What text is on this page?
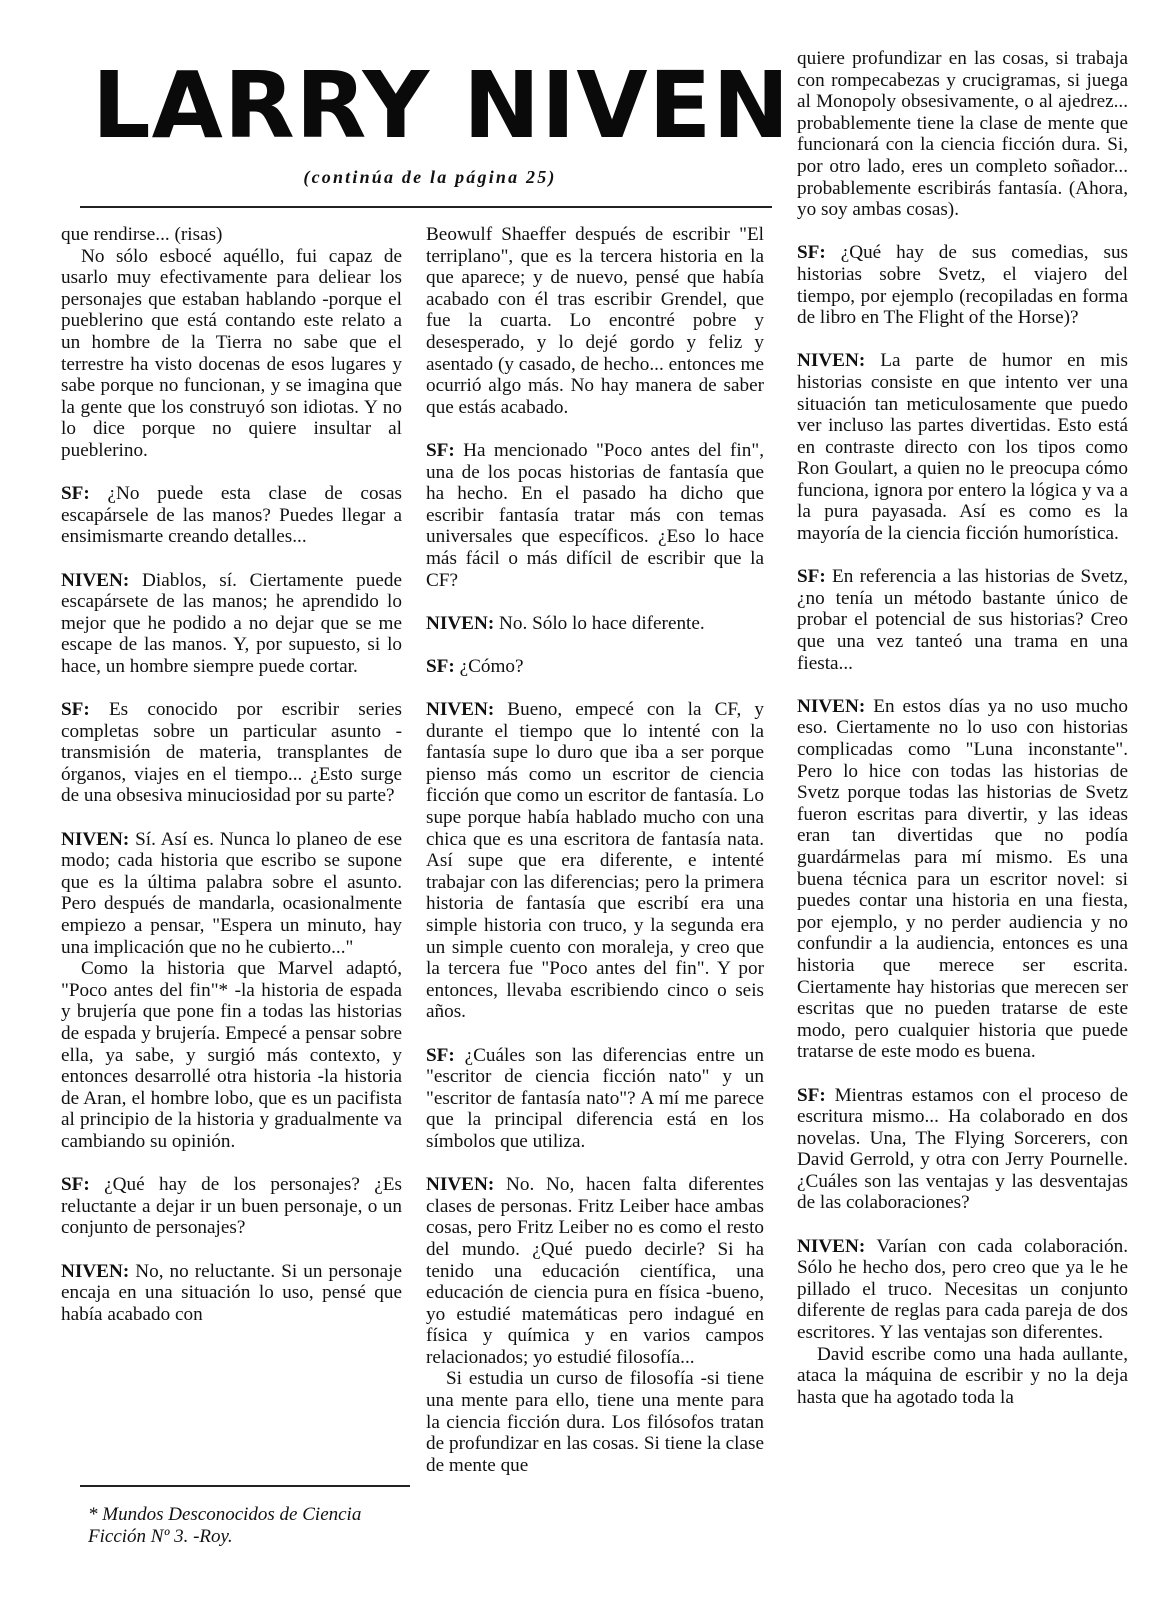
LARRY NIVEN
(continúa de la página 25)

que rendirse... (risas)

No sólo esbocé aquéllo, fui capaz de usarlo muy efectivamente para deliear los personajes que estaban hablando -porque el pueblerino que está contando este relato a un hombre de la Tierra no sabe que el terrestre ha visto docenas de esos lugares y sabe porque no funcionan, y se imagina que la gente que los construyó son idiotas. Y no lo dice porque no quiere insultar al pueblerino.

SF: ¿No puede esta clase de cosas escapársele de las manos? Puedes llegar a ensimismarte creando detalles...

NIVEN: Diablos, sí. Ciertamente puede escapársete de las manos; he aprendido lo mejor que he podido a no dejar que se me escape de las manos. Y, por supuesto, si lo hace, un hombre siempre puede cortar.

SF: Es conocido por escribir series completas sobre un particular asunto -transmisión de materia, transplantes de órganos, viajes en el tiempo... ¿Esto surge de una obsesiva minuciosidad por su parte?

NIVEN: Sí. Así es. Nunca lo planeo de ese modo; cada historia que escribo se supone que es la última palabra sobre el asunto. Pero después de mandarla, ocasionalmente empiezo a pensar, "Espera un minuto, hay una implicación que no he cubierto..."

Como la historia que Marvel adaptó, "Poco antes del fin"* -la historia de espada y brujería que pone fin a todas las historias de espada y brujería. Empecé a pensar sobre ella, ya sabe, y surgió más contexto, y entonces desarrollé otra historia -la historia de Aran, el hombre lobo, que es un pacifista al principio de la historia y gradualmente va cambiando su opinión.

SF: ¿Qué hay de los personajes? ¿Es reluctante a dejar ir un buen personaje, o un conjunto de personajes?

NIVEN: No, no reluctante. Si un personaje encaja en una situación lo uso, pensé que había acabado con

Beowulf Shaeffer después de escribir "El terriplano", que es la tercera historia en la que aparece; y de nuevo, pensé que había acabado con él tras escribir Grendel, que fue la cuarta. Lo encontré pobre y desesperado, y lo dejé gordo y feliz y asentado (y casado, de hecho... entonces me ocurrió algo más. No hay manera de saber que estás acabado.

SF: Ha mencionado "Poco antes del fin", una de los pocas historias de fantasía que ha hecho. En el pasado ha dicho que escribir fantasía tratar más con temas universales que específicos. ¿Eso lo hace más fácil o más difícil de escribir que la CF?

NIVEN: No. Sólo lo hace diferente.

SF: ¿Cómo?

NIVEN: Bueno, empecé con la CF, y durante el tiempo que lo intenté con la fantasía supe lo duro que iba a ser porque pienso más como un escritor de ciencia ficción que como un escritor de fantasía. Lo supe porque había hablado mucho con una chica que es una escritora de fantasía nata. Así supe que era diferente, e intenté trabajar con las diferencias; pero la primera historia de fantasía que escribí era una simple historia con truco, y la segunda era un simple cuento con moraleja, y creo que la tercera fue "Poco antes del fin". Y por entonces, llevaba escribiendo cinco o seis años.

SF: ¿Cuáles son las diferencias entre un "escritor de ciencia ficción nato" y un "escritor de fantasía nato"? A mí me parece que la principal diferencia está en los símbolos que utiliza.

NIVEN: No. No, hacen falta diferentes clases de personas. Fritz Leiber hace ambas cosas, pero Fritz Leiber no es como el resto del mundo. ¿Qué puedo decirle? Si ha tenido una educación científica, una educación de ciencia pura en física -bueno, yo estudié matemáticas pero indagué en física y química y en varios campos relacionados; yo estudié filosofía...

Si estudia un curso de filosofía -si tiene una mente para ello, tiene una mente para la ciencia ficción dura. Los filósofos tratan de profundizar en las cosas. Si tiene la clase de mente que

quiere profundizar en las cosas, si trabaja con rompecabezas y crucigramas, si juega al Monopoly obsesivamente, o al ajedrez... probablemente tiene la clase de mente que funcionará con la ciencia ficción dura. Si, por otro lado, eres un completo soñador... probablemente escribirás fantasía. (Ahora, yo soy ambas cosas).

SF: ¿Qué hay de sus comedias, sus historias sobre Svetz, el viajero del tiempo, por ejemplo (recopiladas en forma de libro en The Flight of the Horse)?

NIVEN: La parte de humor en mis historias consiste en que intento ver una situación tan meticulosamente que puedo ver incluso las partes divertidas. Esto está en contraste directo con los tipos como Ron Goulart, a quien no le preocupa cómo funciona, ignora por entero la lógica y va a la pura payasada. Así es como es la mayoría de la ciencia ficción humorística.

SF: En referencia a las historias de Svetz, ¿no tenía un método bastante único de probar el potencial de sus historias? Creo que una vez tanteó una trama en una fiesta...

NIVEN: En estos días ya no uso mucho eso. Ciertamente no lo uso con historias complicadas como "Luna inconstante". Pero lo hice con todas las historias de Svetz porque todas las historias de Svetz fueron escritas para divertir, y las ideas eran tan divertidas que no podía guardármelas para mí mismo. Es una buena técnica para un escritor novel: si puedes contar una historia en una fiesta, por ejemplo, y no perder audiencia y no confundir a la audiencia, entonces es una historia que merece ser escrita. Ciertamente hay historias que merecen ser escritas que no pueden tratarse de este modo, pero cualquier historia que puede tratarse de este modo es buena.

SF: Mientras estamos con el proceso de escritura mismo... Ha colaborado en dos novelas. Una, The Flying Sorcerers, con David Gerrold, y otra con Jerry Pournelle. ¿Cuáles son las ventajas y las desventajas de las colaboraciones?

NIVEN: Varían con cada colaboración. Sólo he hecho dos, pero creo que ya le he pillado el truco. Necesitas un conjunto diferente de reglas para cada pareja de dos escritores. Y las ventajas son diferentes.

David escribe como una hada aullante, ataca la máquina de escribir y no la deja hasta que ha agotado toda la

* Mundos Desconocidos de Ciencia Ficción Nº 3. -Roy.
